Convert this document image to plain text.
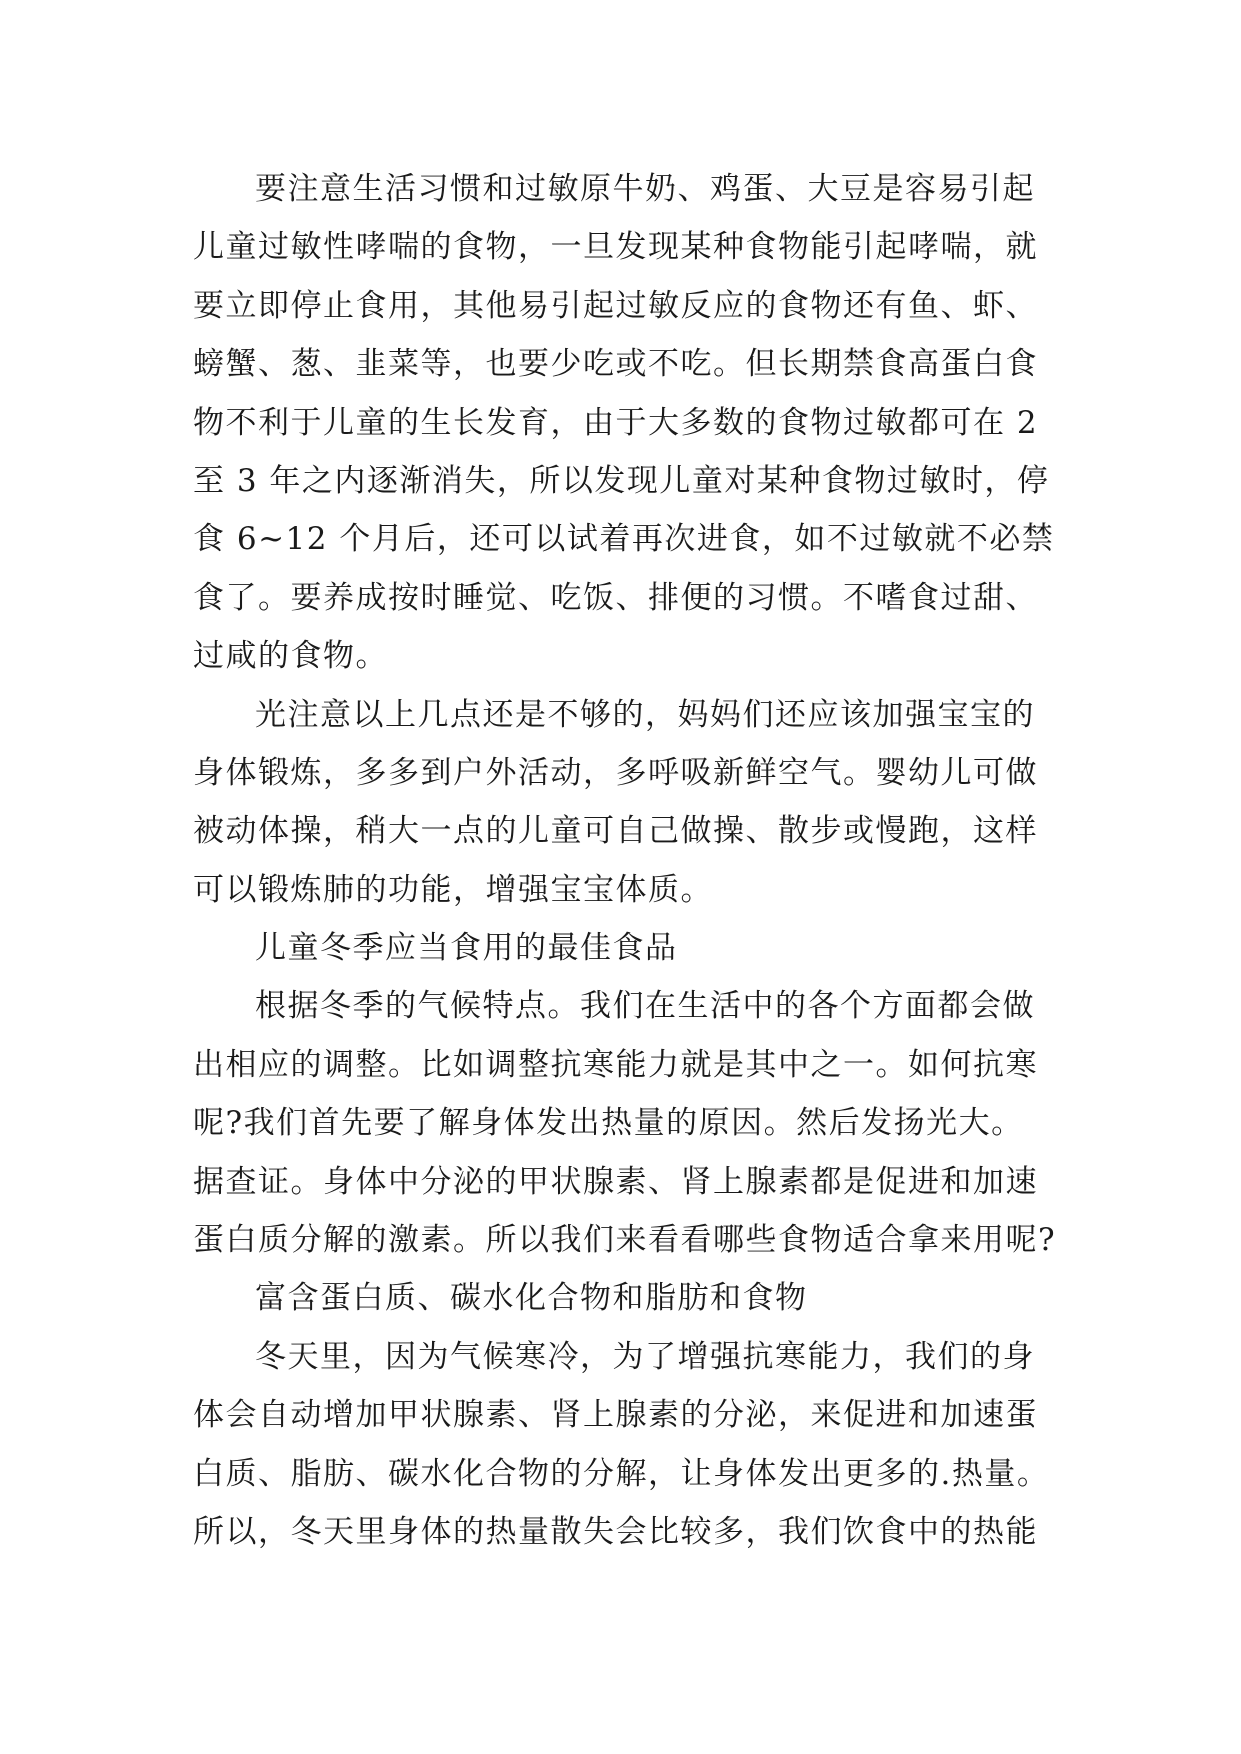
要注意生活习惯和过敏原牛奶、鸡蛋、大豆是容易引起
儿童过敏性哮喘的食物，一旦发现某种食物能引起哮喘，就
要立即停止食用，其他易引起过敏反应的食物还有鱼、虾、
螃蟹、葱、韭菜等，也要少吃或不吃。但长期禁食高蛋白食
物不利于儿童的生长发育，由于大多数的食物过敏都可在 2
至 3 年之内逐渐消失，所以发现儿童对某种食物过敏时，停
食 6~12 个月后，还可以试着再次进食，如不过敏就不必禁
食了。要养成按时睡觉、吃饭、排便的习惯。不嗜食过甜、
过咸的食物。
光注意以上几点还是不够的，妈妈们还应该加强宝宝的
身体锻炼，多多到户外活动，多呼吸新鲜空气。婴幼儿可做
被动体操，稍大一点的儿童可自己做操、散步或慢跑，这样
可以锻炼肺的功能，增强宝宝体质。
儿童冬季应当食用的最佳食品
根据冬季的气候特点。我们在生活中的各个方面都会做
出相应的调整。比如调整抗寒能力就是其中之一。如何抗寒
呢?我们首先要了解身体发出热量的原因。然后发扬光大。
据查证。身体中分泌的甲状腺素、肾上腺素都是促进和加速
蛋白质分解的激素。所以我们来看看哪些食物适合拿来用呢?
富含蛋白质、碳水化合物和脂肪和食物
冬天里，因为气候寒冷，为了增强抗寒能力，我们的身
体会自动增加甲状腺素、肾上腺素的分泌，来促进和加速蛋
白质、脂肪、碳水化合物的分解，让身体发出更多的.热量。
所以，冬天里身体的热量散失会比较多，我们饮食中的热能
